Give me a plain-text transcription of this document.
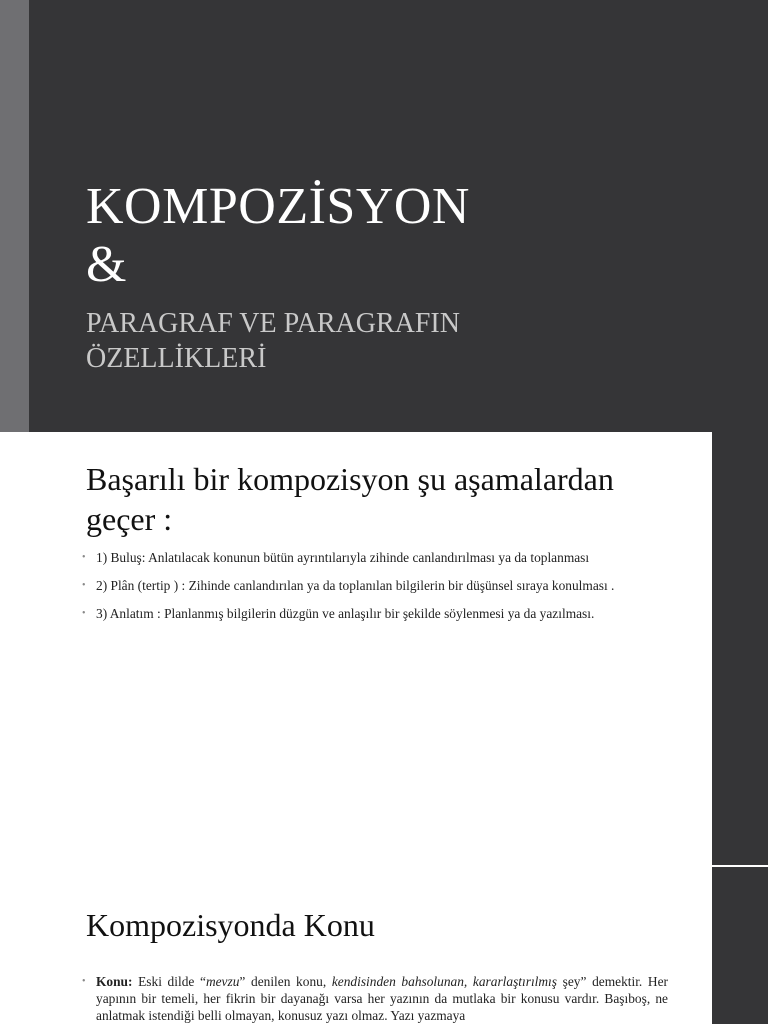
KOMPOZİSYON
&
PARAGRAF VE PARAGRAFIN
ÖZELLİKLERİ
Başarılı bir kompozisyon şu aşamalardan geçer :
• 1) Buluş: Anlatılacak konunun bütün ayrıntılarıyla zihinde canlandırılması ya da toplanması
• 2) Plân (tertip ) : Zihinde canlandırılan ya da toplanılan bilgilerin bir düşünsel sıraya konulması .
• 3) Anlatım : Planlanmış bilgilerin düzgün ve anlaşılır bir şekilde söylenmesi ya da yazılması.
Kompozisyonda Konu
• Konu: Eski dilde “mevzu” denilen konu, kendisinden bahsolunan, kararlaştırılmış şey” demektir. Her yapının bir temeli, her fikrin bir dayanağı varsa her yazının da mutlaka bir konusu vardır. Başıboş, ne anlatmak istendiği belli olmayan, konusuz yazı olmaz. Yazı yazmaya
